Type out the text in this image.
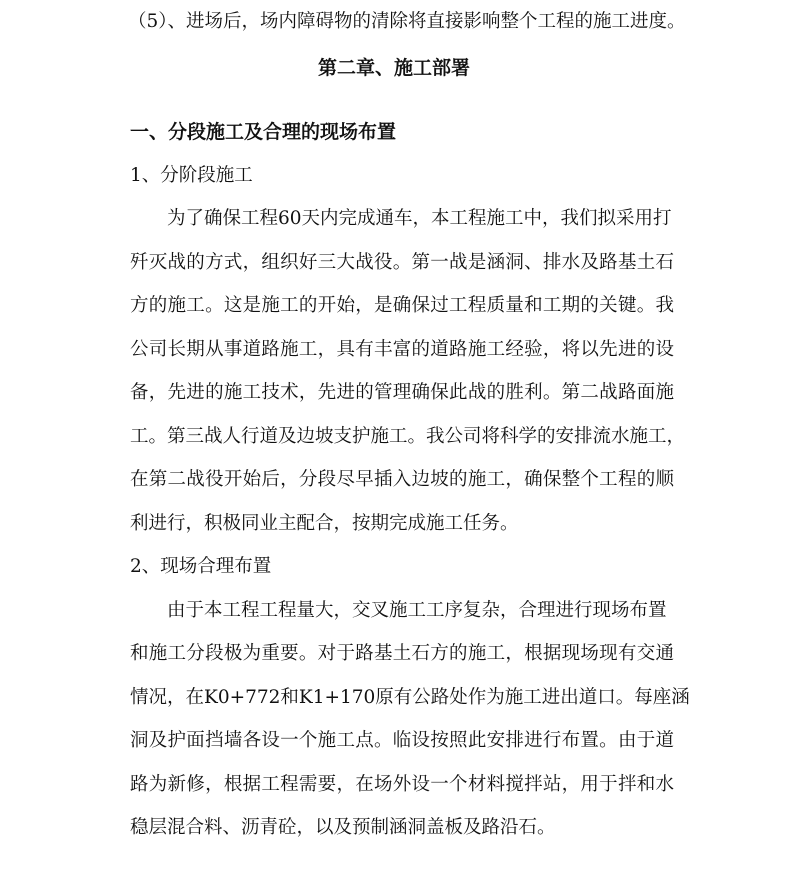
（5）、进场后，场内障碍物的清除将直接影响整个工程的施工进度。
第二章、施工部署
一、分段施工及合理的现场布置
1、分阶段施工
为了确保工程60天内完成通车，本工程施工中，我们拟采用打
歼灭战的方式，组织好三大战役。第一战是涵洞、排水及路基土石
方的施工。这是施工的开始，是确保过工程质量和工期的关键。我
公司长期从事道路施工，具有丰富的道路施工经验，将以先进的设
备，先进的施工技术，先进的管理确保此战的胜利。第二战路面施
工。第三战人行道及边坡支护施工。我公司将科学的安排流水施工，
在第二战役开始后，分段尽早插入边坡的施工，确保整个工程的顺
利进行，积极同业主配合，按期完成施工任务。
2、现场合理布置
由于本工程工程量大，交叉施工工序复杂，合理进行现场布置
和施工分段极为重要。对于路基土石方的施工，根据现场现有交通
情况，在K0+772和K1+170原有公路处作为施工进出道口。每座涵
洞及护面挡墙各设一个施工点。临设按照此安排进行布置。由于道
路为新修，根据工程需要，在场外设一个材料搅拌站，用于拌和水
稳层混合料、沥青砼，以及预制涵洞盖板及路沿石。
